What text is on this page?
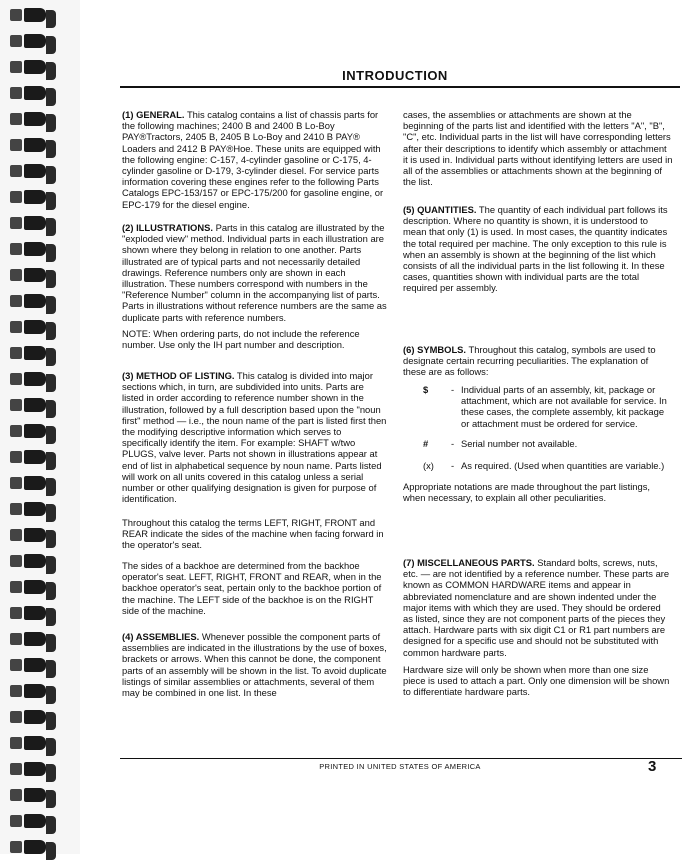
INTRODUCTION

(1) GENERAL. This catalog contains a list of chassis parts for the following machines; 2400 B and 2400 B Lo-Boy PAY®Tractors, 2405 B, 2405 B Lo-Boy and 2410 B PAY® Loaders and 2412 B PAY®Hoe. These units are equipped with the following engine: C-157, 4-cylinder gasoline or C-175, 4-cylinder gasoline or D-179, 3-cylinder diesel. For service parts information covering these engines refer to the following Parts Catalogs EPC-153/157 or EPC-175/200 for gasoline engine, or EPC-179 for the diesel engine.

(2) ILLUSTRATIONS. Parts in this catalog are illustrated by the "exploded view" method. Individual parts in each illustration are shown where they belong in relation to one another. Parts illustrated are of typical parts and not necessarily detailed drawings. Reference numbers only are shown in each illustration. These numbers correspond with numbers in the "Reference Number" column in the accompanying list of parts. Parts in illustrations without reference numbers are the same as duplicate parts with reference numbers.

NOTE: When ordering parts, do not include the reference number. Use only the IH part number and description.

(3) METHOD OF LISTING. This catalog is divided into major sections which, in turn, are subdivided into units. Parts are listed in order according to reference number shown in the illustration, followed by a full description based upon the "noun first" method — i.e., the noun name of the part is listed first then the modifying descriptive information which serves to specifically identify the item. For example: SHAFT w/two PLUGS, valve lever. Parts not shown in illustrations appear at end of list in alphabetical sequence by noun name. Parts listed will work on all units covered in this catalog unless a serial number or other qualifying designation is given for purpose of identification.

Throughout this catalog the terms LEFT, RIGHT, FRONT and REAR indicate the sides of the machine when facing forward in the operator's seat.

The sides of a backhoe are determined from the backhoe operator's seat. LEFT, RIGHT, FRONT and REAR, when in the backhoe operator's seat, pertain only to the backhoe portion of the machine. The LEFT side of the backhoe is on the RIGHT side of the machine.

(4) ASSEMBLIES. Whenever possible the component parts of assemblies are indicated in the illustrations by the use of boxes, brackets or arrows. When this cannot be done, the component parts of an assembly will be shown in the list. To avoid duplicate listings of similar assemblies or attachments, several of them may be combined in one list. In these

cases, the assemblies or attachments are shown at the beginning of the parts list and identified with the letters "A", "B", "C", etc. Individual parts in the list will have corresponding letters after their descriptions to identify which assembly or attachment it is used in. Individual parts without identifying letters are used in all of the assemblies or attachments shown at the beginning of the list.

(5) QUANTITIES. The quantity of each individual part follows its description. Where no quantity is shown, it is understood to mean that only (1) is used. In most cases, the quantity indicates the total required per machine. The only exception to this rule is when an assembly is shown at the beginning of the list which consists of all the individual parts in the list following it. In these cases, quantities shown with individual parts are the total required per assembly.

(6) SYMBOLS. Throughout this catalog, symbols are used to designate certain recurring peculiarities. The explanation of these are as follows:

$	- Individual parts of an assembly, kit, package or attachment, which are not available for service. In these cases, the complete assembly, kit package or attachment must be ordered for service.
#	- Serial number not available.
(x)	- As required. (Used when quantities are variable.)

Appropriate notations are made throughout the part listings, when necessary, to explain all other peculiarities.

(7) MISCELLANEOUS PARTS. Standard bolts, screws, nuts, etc. — are not identified by a reference number. These parts are known as COMMON HARDWARE items and appear in abbreviated nomenclature and are shown indented under the major items with which they are used. They should be ordered as listed, since they are not component parts of the pieces they attach. Hardware parts with six digit C1 or R1 part numbers are designed for a specific use and should not be substituted with common hardware parts.

Hardware size will only be shown when more than one size piece is used to attach a part. Only one dimension will be shown to differentiate hardware parts.

PRINTED IN UNITED STATES OF AMERICA	3
